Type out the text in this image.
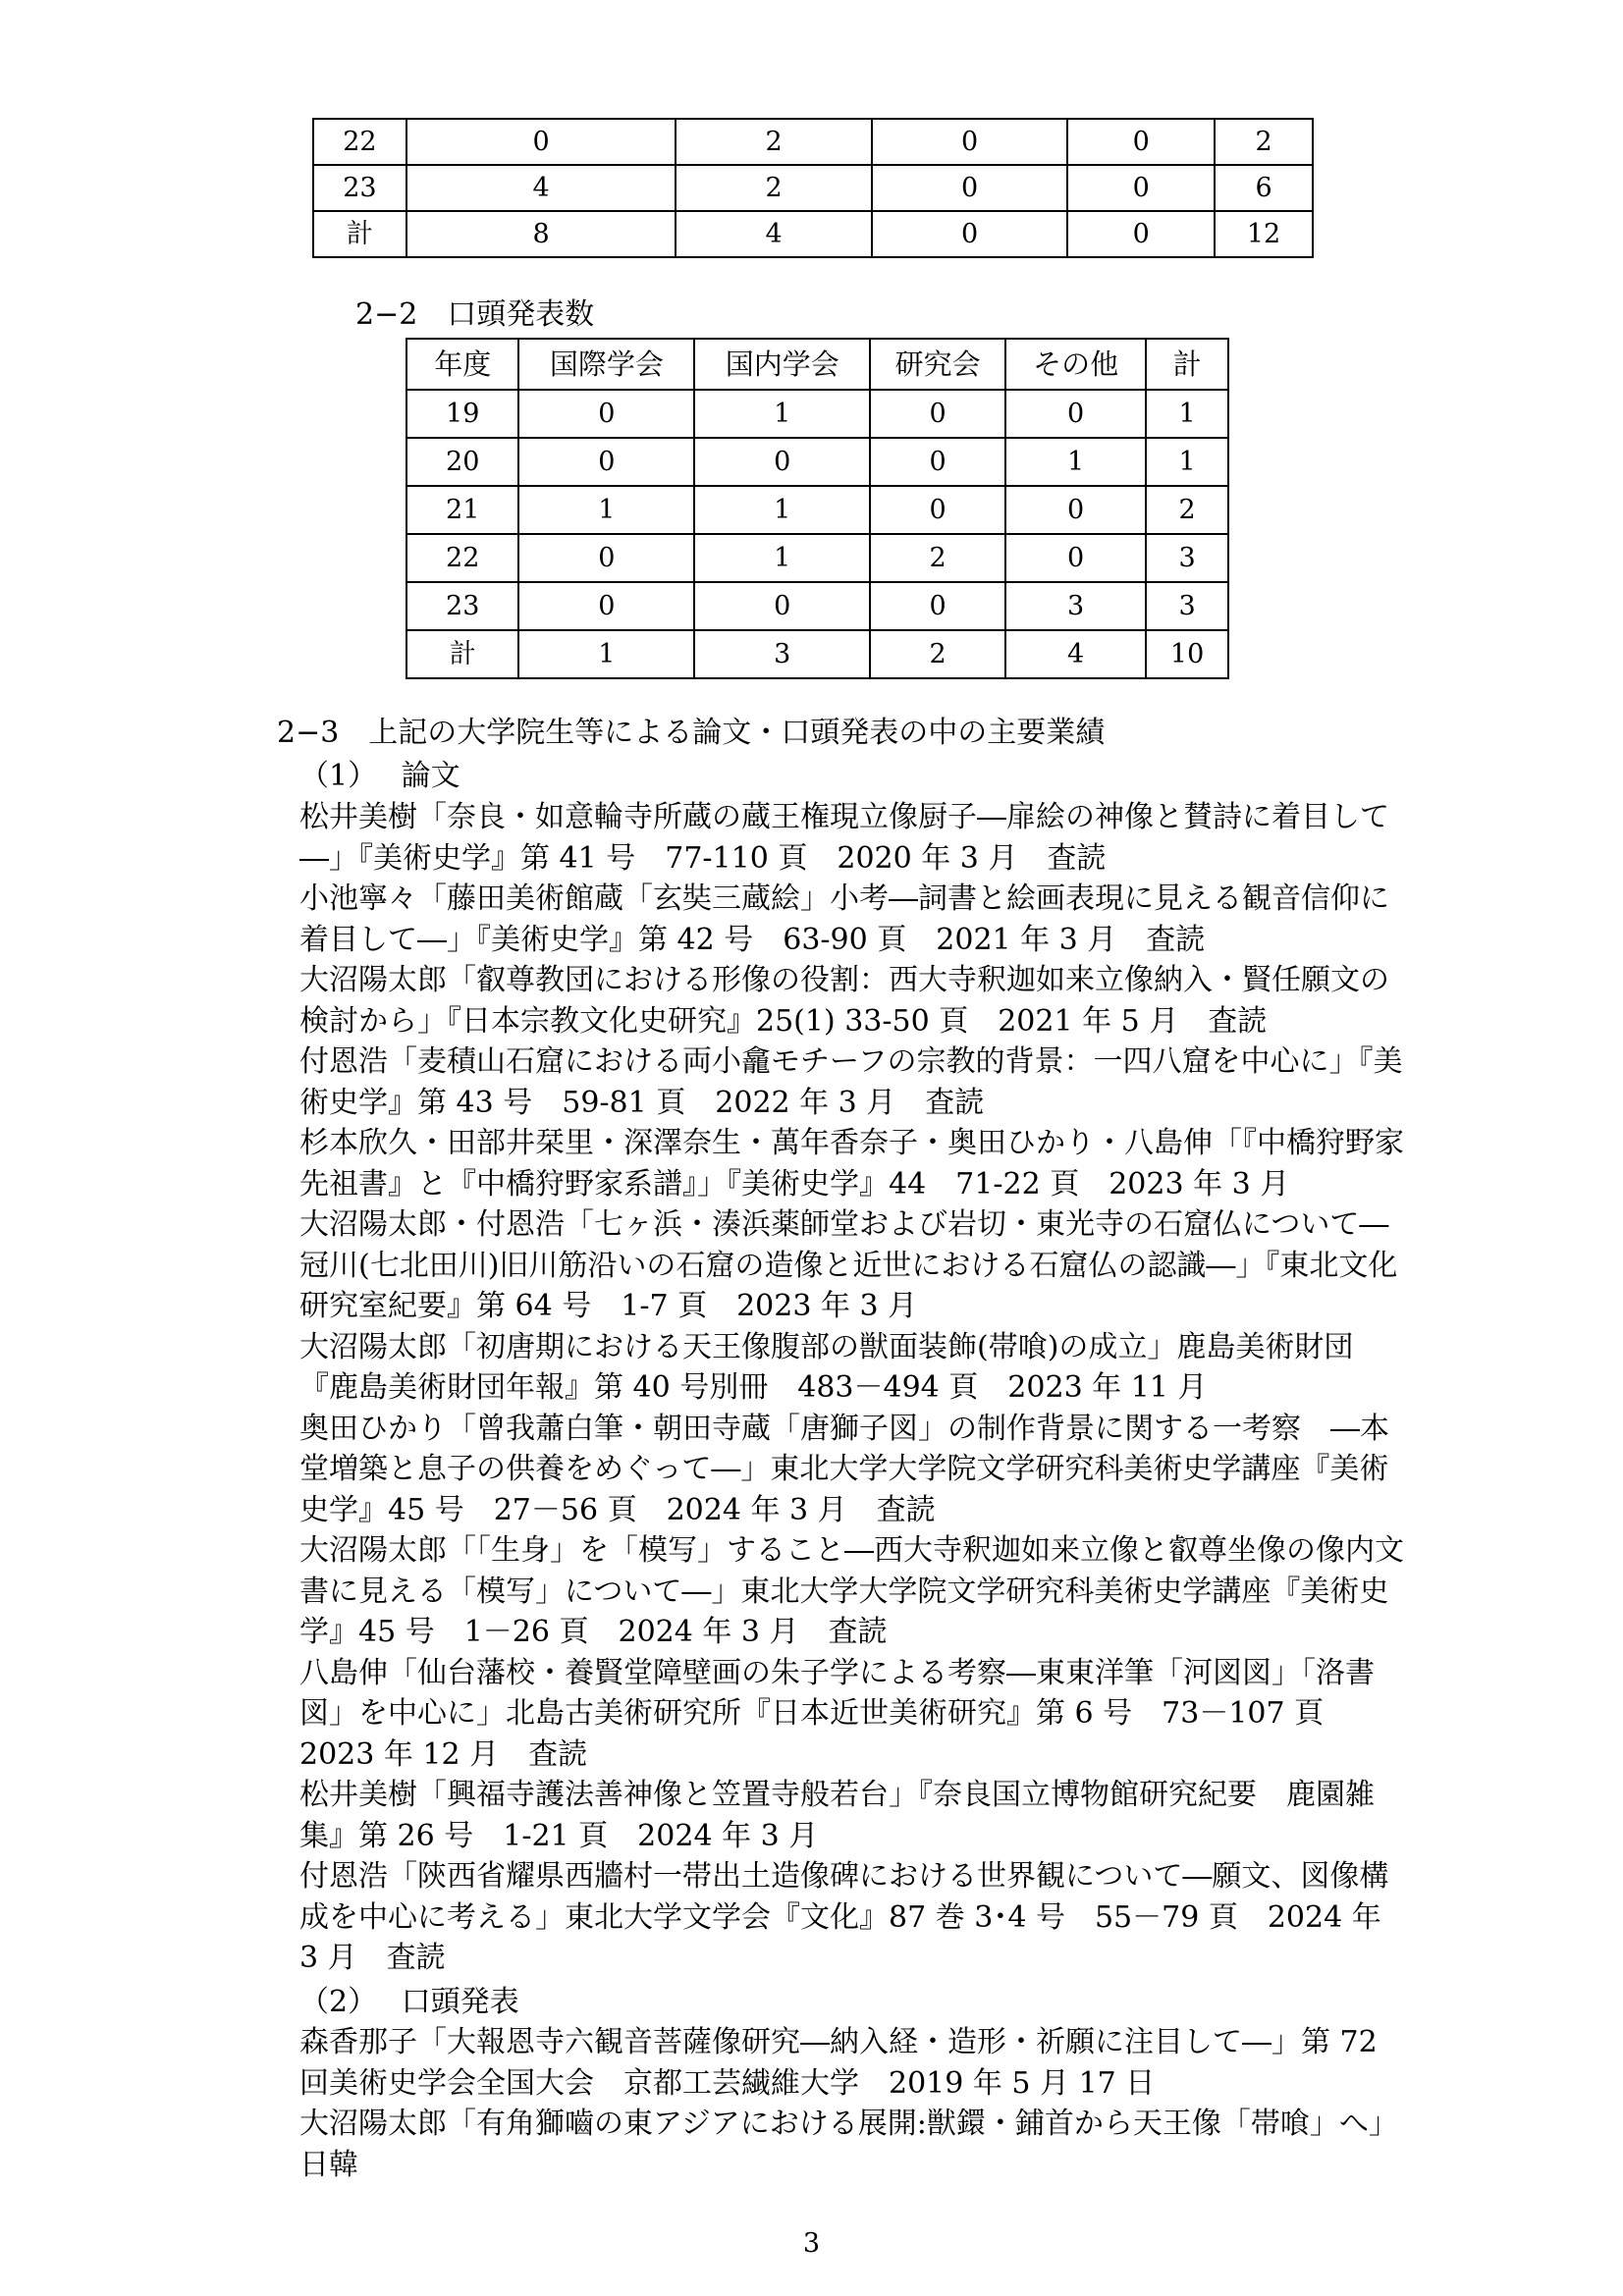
22	0	2	0	0	2
23	4	2	0	0	6
計	8	4	0	0	12
2−2　口頭発表数
年度	国際学会	国内学会	研究会	その他	計
19	0	1	0	0	1
20	0	0	0	1	1
21	1	1	0	0	2
22	0	1	2	0	3
23	0	0	0	3	3
計	1	3	2	4	10
2−3　上記の大学院生等による論文・口頭発表の中の主要業績
（1）　 論文

松井美樹「奈良・如意輪寺所蔵の蔵王権現立像厨子―扉絵の神像と賛詩に着目して―」『美術史学』第 41 号　77-110 頁　2020 年 3 月　査読

小池寧々「藤田美術館蔵「玄奘三蔵絵」小考―詞書と絵画表現に見える観音信仰に着目して―」『美術史学』第 42 号　63-90 頁　2021 年 3 月　査読

大沼陽太郎「叡尊教団における形像の役割：西大寺釈迦如来立像納入・賢任願文の検討から」『日本宗教文化史研究』25(1) 33-50 頁　2021 年 5 月　査読

付恩浩「麦積山石窟における両小龕モチーフの宗教的背景：一四八窟を中心に」『美術史学』第 43 号　59-81 頁　2022 年 3 月　査読

杉本欣久・田部井栞里・深澤奈生・萬年香奈子・奥田ひかり・八島伸「『中橋狩野家先祖書』と『中橋狩野家系譜』」『美術史学』44　71-22 頁　2023 年 3 月

大沼陽太郎・付恩浩「七ヶ浜・湊浜薬師堂および岩切・東光寺の石窟仏について―冠川(七北田川)旧川筋沿いの石窟の造像と近世における石窟仏の認識―」『東北文化研究室紀要』第 64 号　1-7 頁　2023 年 3 月

大沼陽太郎「初唐期における天王像腹部の獣面装飾(帯喰)の成立」鹿島美術財団『鹿島美術財団年報』第 40 号別冊　483－494 頁　2023 年 11 月

奥田ひかり「曾我蕭白筆・朝田寺蔵「唐獅子図」の制作背景に関する一考察　―本堂増築と息子の供養をめぐって―」東北大学大学院文学研究科美術史学講座『美術史学』45 号　27－56 頁　2024 年 3 月　査読

大沼陽太郎「「生身」を「模写」すること―西大寺釈迦如来立像と叡尊坐像の像内文書に見える「模写」について―」東北大学大学院文学研究科美術史学講座『美術史学』45 号　1－26 頁　2024 年 3 月　査読

八島伸「仙台藩校・養賢堂障壁画の朱子学による考察―東東洋筆「河図図」「洛書図」を中心に」北島古美術研究所『日本近世美術研究』第 6 号　73－107 頁　2023 年 12 月　査読

松井美樹「興福寺護法善神像と笠置寺般若台」『奈良国立博物館研究紀要　鹿園雑集』第 26 号　1-21 頁　2024 年 3 月

付恩浩「陝西省耀県西牆村一帯出土造像碑における世界観について―願文、図像構成を中心に考える」東北大学文学会『文化』87 巻 3･4 号　55－79 頁　2024 年 3 月　査読

（2）　 口頭発表

森香那子「大報恩寺六観音菩薩像研究―納入経・造形・祈願に注目して―」第 72 回美術史学会全国大会　京都工芸繊維大学　2019 年 5 月 17 日

大沼陽太郎「有角獅嚙の東アジアにおける展開:獣鐶・鋪首から天王像「帯喰」へ」　日韓

3
